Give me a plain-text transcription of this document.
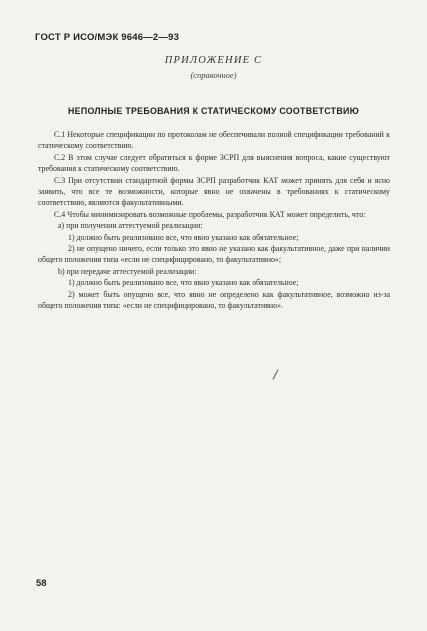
ГОСТ Р ИСО/МЭК 9646—2—93
ПРИЛОЖЕНИЕ С
(справочное)
НЕПОЛНЫЕ ТРЕБОВАНИЯ К СТАТИЧЕСКОМУ СООТВЕТСТВИЮ

С.1 Некоторые спецификации по протоколам не обеспечивали полной спецификации требований к статическому соответствию.

С.2 В этом случае следует обратиться к форме ЗСРП для выяснения вопроса, какие существуют требования к статическому соответствию.

С.3 При отсутствии стандартной формы ЗСРП разработчик КАТ может принять для себя и ясно заявить, что все те возможности, которые явно не охвачены в требованиях к статическому соответствию, являются факультативными.

С.4 Чтобы минимизировать возможные проблемы, разработчик КАТ может определить, что:

а) при получении аттестуемой реализации:

1) должно быть реализовано все, что явно указано как обязательное;

2) не опущено ничего, если только это явно не указано как факультативное, даже при наличии общего положения типа «если не специфицировано, то факультативно»;

b) при передаче аттестуемой реализации:

1) должно быть реализовано все, что явно указано как обязательное;

2) может быть опущено все, что явно не определено как факультативное, возможно из-за общего положения типа: «если не специфицировано, то факультативно».

58
